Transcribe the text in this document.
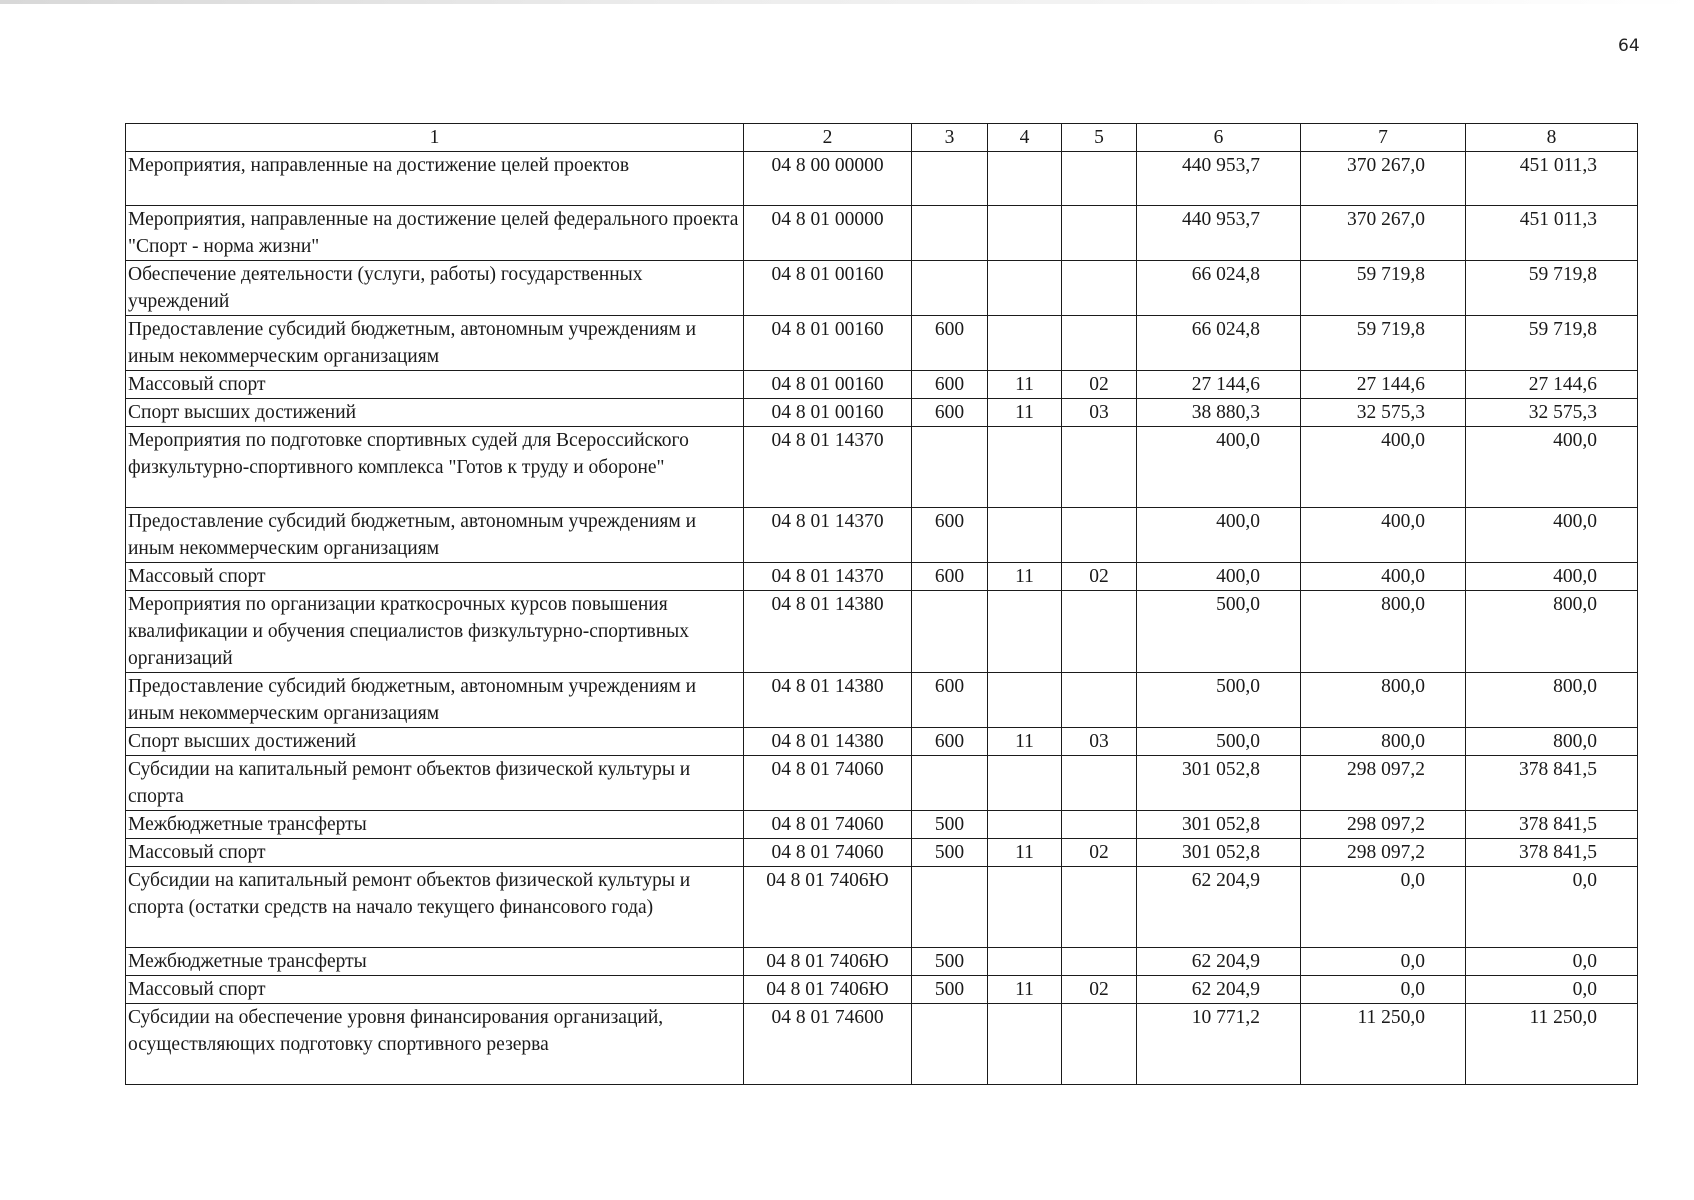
64
1	2	3	4	5	6	7	8
Мероприятия, направленные на достижение целей проектов	04 8 00 00000				440 953,7	370 267,0	451 011,3
Мероприятия, направленные на достижение целей федерального проекта "Спорт - норма жизни"	04 8 01 00000				440 953,7	370 267,0	451 011,3
Обеспечение деятельности (услуги, работы) государственных учреждений	04 8 01 00160				66 024,8	59 719,8	59 719,8
Предоставление субсидий бюджетным, автономным учреждениям и иным некоммерческим организациям	04 8 01 00160	600			66 024,8	59 719,8	59 719,8
Массовый спорт	04 8 01 00160	600	11	02	27 144,6	27 144,6	27 144,6
Спорт высших достижений	04 8 01 00160	600	11	03	38 880,3	32 575,3	32 575,3
Мероприятия по подготовке спортивных судей для Всероссийского физкультурно-спортивного комплекса "Готов к труду и обороне"	04 8 01 14370				400,0	400,0	400,0
Предоставление субсидий бюджетным, автономным учреждениям и иным некоммерческим организациям	04 8 01 14370	600			400,0	400,0	400,0
Массовый спорт	04 8 01 14370	600	11	02	400,0	400,0	400,0
Мероприятия по организации краткосрочных курсов повышения квалификации и обучения специалистов физкультурно-спортивных организаций	04 8 01 14380				500,0	800,0	800,0
Предоставление субсидий бюджетным, автономным учреждениям и иным некоммерческим организациям	04 8 01 14380	600			500,0	800,0	800,0
Спорт высших достижений	04 8 01 14380	600	11	03	500,0	800,0	800,0
Субсидии на капитальный ремонт объектов физической культуры и спорта	04 8 01 74060				301 052,8	298 097,2	378 841,5
Межбюджетные трансферты	04 8 01 74060	500			301 052,8	298 097,2	378 841,5
Массовый спорт	04 8 01 74060	500	11	02	301 052,8	298 097,2	378 841,5
Субсидии на капитальный ремонт объектов физической культуры и спорта (остатки средств на начало текущего финансового года)	04 8 01 7406Ю				62 204,9	0,0	0,0
Межбюджетные трансферты	04 8 01 7406Ю	500			62 204,9	0,0	0,0
Массовый спорт	04 8 01 7406Ю	500	11	02	62 204,9	0,0	0,0
Субсидии на обеспечение уровня финансирования организаций, осуществляющих подготовку спортивного резерва	04 8 01 74600				10 771,2	11 250,0	11 250,0
